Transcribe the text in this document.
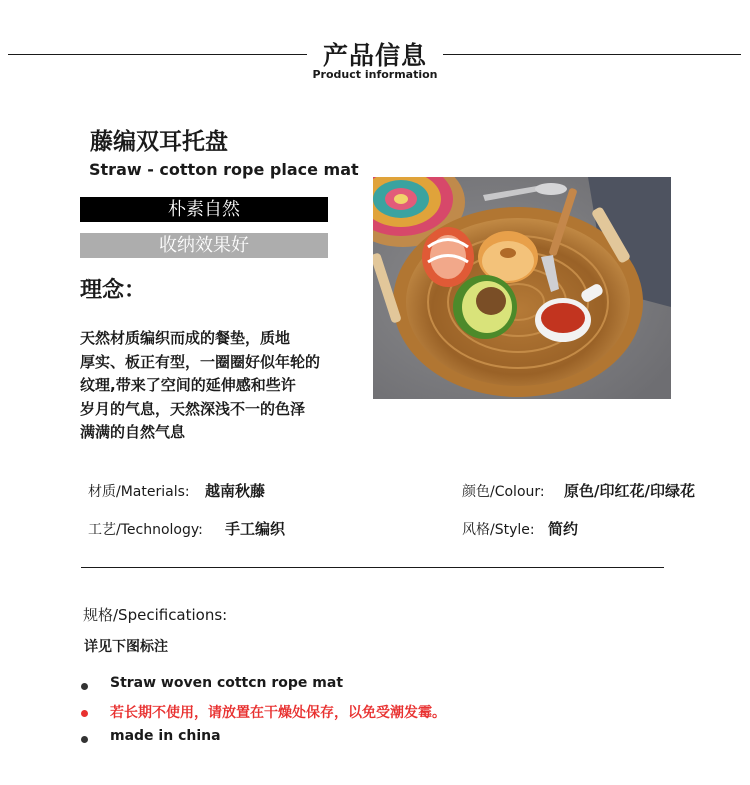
产品信息
Product information
藤编双耳托盘
Straw - cotton rope place mat
朴素自然
收纳效果好
理念：
天然材质编织而成的餐垫，质地
厚实、板正有型，一圈圈好似年轮的
纹理,带来了空间的延伸感和些许
岁月的气息，天然深浅不一的色泽
满满的自然气息
材质/Materials: 越南秋藤	颜色/Colour: 原色/印红花/印绿花
工艺/Technology: 手工编织	风格/Style: 简约
规格/Specifications:
详见下图标注
Straw woven cottcn rope mat
若长期不使用，请放置在干燥处保存，以免受潮发霉。
made in china
